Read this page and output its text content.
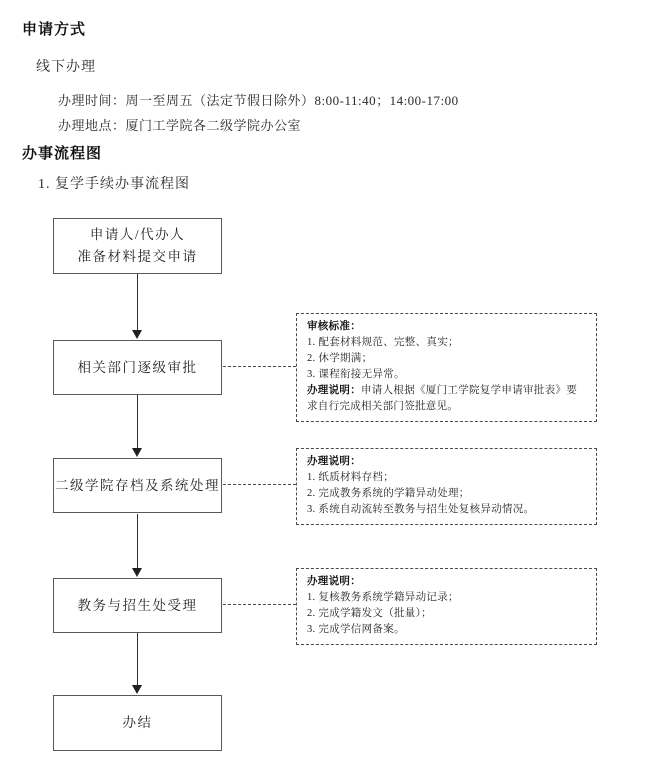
申请方式
线下办理
办理时间：周一至周五（法定节假日除外）8:00-11:40；14:00-17:00
办理地点：厦门工学院各二级学院办公室
办事流程图
1. 复学手续办事流程图
申请人/代办人
准备材料提交申请
相关部门逐级审批
二级学院存档及系统处理
教务与招生处受理
办结
审核标准：
1. 配套材料规范、完整、真实；
2. 休学期满；
3. 课程衔接无异常。
办理说明：申请人根据《厦门工学院复学申请审批表》要求自行完成相关部门签批意见。
办理说明：
1. 纸质材料存档；
2. 完成教务系统的学籍异动处理；
3. 系统自动流转至教务与招生处复核异动情况。
办理说明：
1. 复核教务系统学籍异动记录；
2. 完成学籍发文（批量）；
3. 完成学信网备案。
